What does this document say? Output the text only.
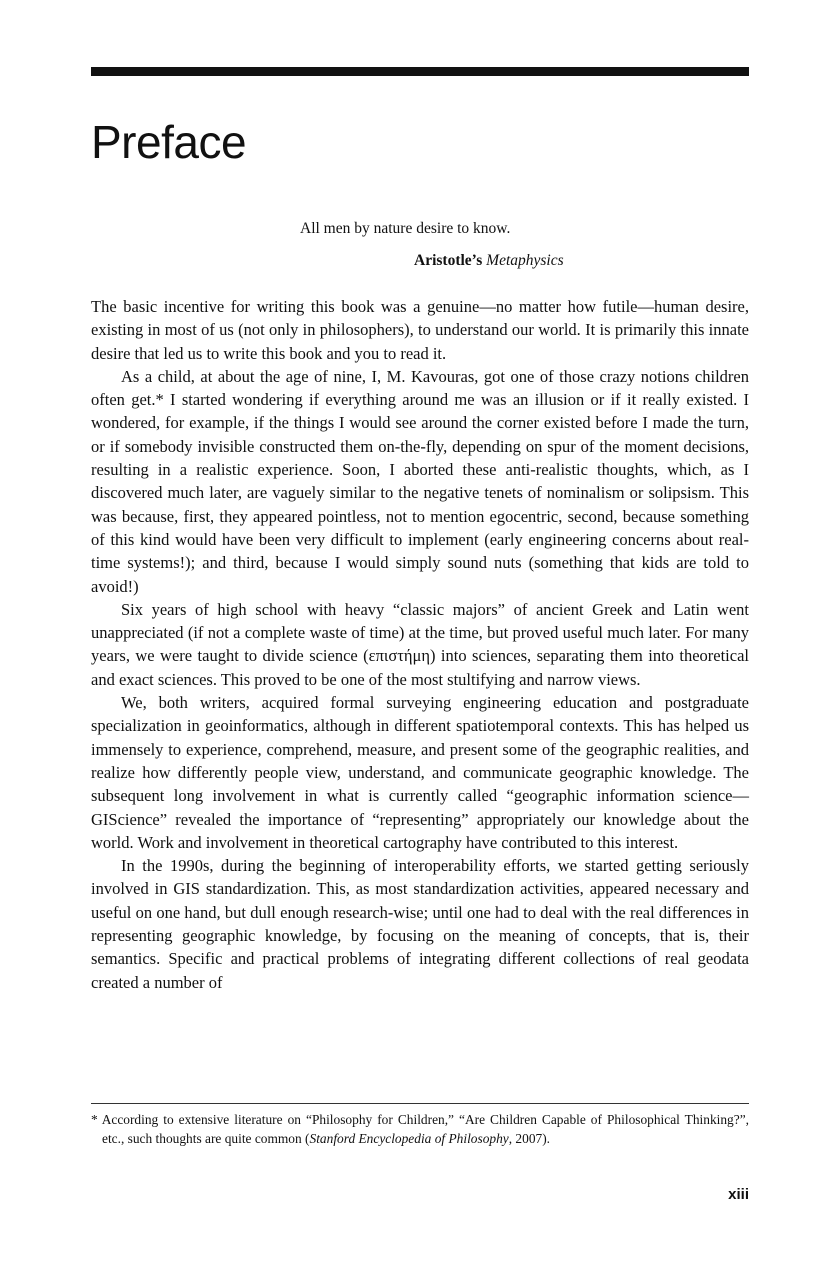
Preface

All men by nature desire to know.

Aristotle’s Metaphysics

The basic incentive for writing this book was a genuine—no matter how futile—human desire, existing in most of us (not only in philosophers), to understand our world. It is primarily this innate desire that led us to write this book and you to read it.

As a child, at about the age of nine, I, M. Kavouras, got one of those crazy notions children often get.* I started wondering if everything around me was an illusion or if it really existed. I wondered, for example, if the things I would see around the corner existed before I made the turn, or if somebody invisible constructed them on-the-fly, depending on spur of the moment decisions, resulting in a realistic experience. Soon, I aborted these anti-realistic thoughts, which, as I discovered much later, are vaguely similar to the negative tenets of nominalism or solipsism. This was because, first, they appeared pointless, not to mention egocentric, second, because something of this kind would have been very difficult to implement (early engineering concerns about real-time systems!); and third, because I would simply sound nuts (something that kids are told to avoid!)

Six years of high school with heavy “classic majors” of ancient Greek and Latin went unappreciated (if not a complete waste of time) at the time, but proved useful much later. For many years, we were taught to divide science (επιστήμη) into sciences, separating them into theoretical and exact sciences. This proved to be one of the most stultifying and narrow views.

We, both writers, acquired formal surveying engineering education and postgraduate specialization in geoinformatics, although in different spatiotemporal contexts. This has helped us immensely to experience, comprehend, measure, and present some of the geographic realities, and realize how differently people view, understand, and communicate geographic knowledge. The subsequent long involvement in what is currently called “geographic information science—GIScience” revealed the importance of “representing” appropriately our knowledge about the world. Work and involvement in theoretical cartography have contributed to this interest.

In the 1990s, during the beginning of interoperability efforts, we started getting seriously involved in GIS standardization. This, as most standardization activities, appeared necessary and useful on one hand, but dull enough research-wise; until one had to deal with the real differences in representing geographic knowledge, by focusing on the meaning of concepts, that is, their semantics. Specific and practical problems of integrating different collections of real geodata created a number of

* According to extensive literature on “Philosophy for Children,” “Are Children Capable of Philosophical Thinking?”, etc., such thoughts are quite common (Stanford Encyclopedia of Philosophy, 2007).

xiii
